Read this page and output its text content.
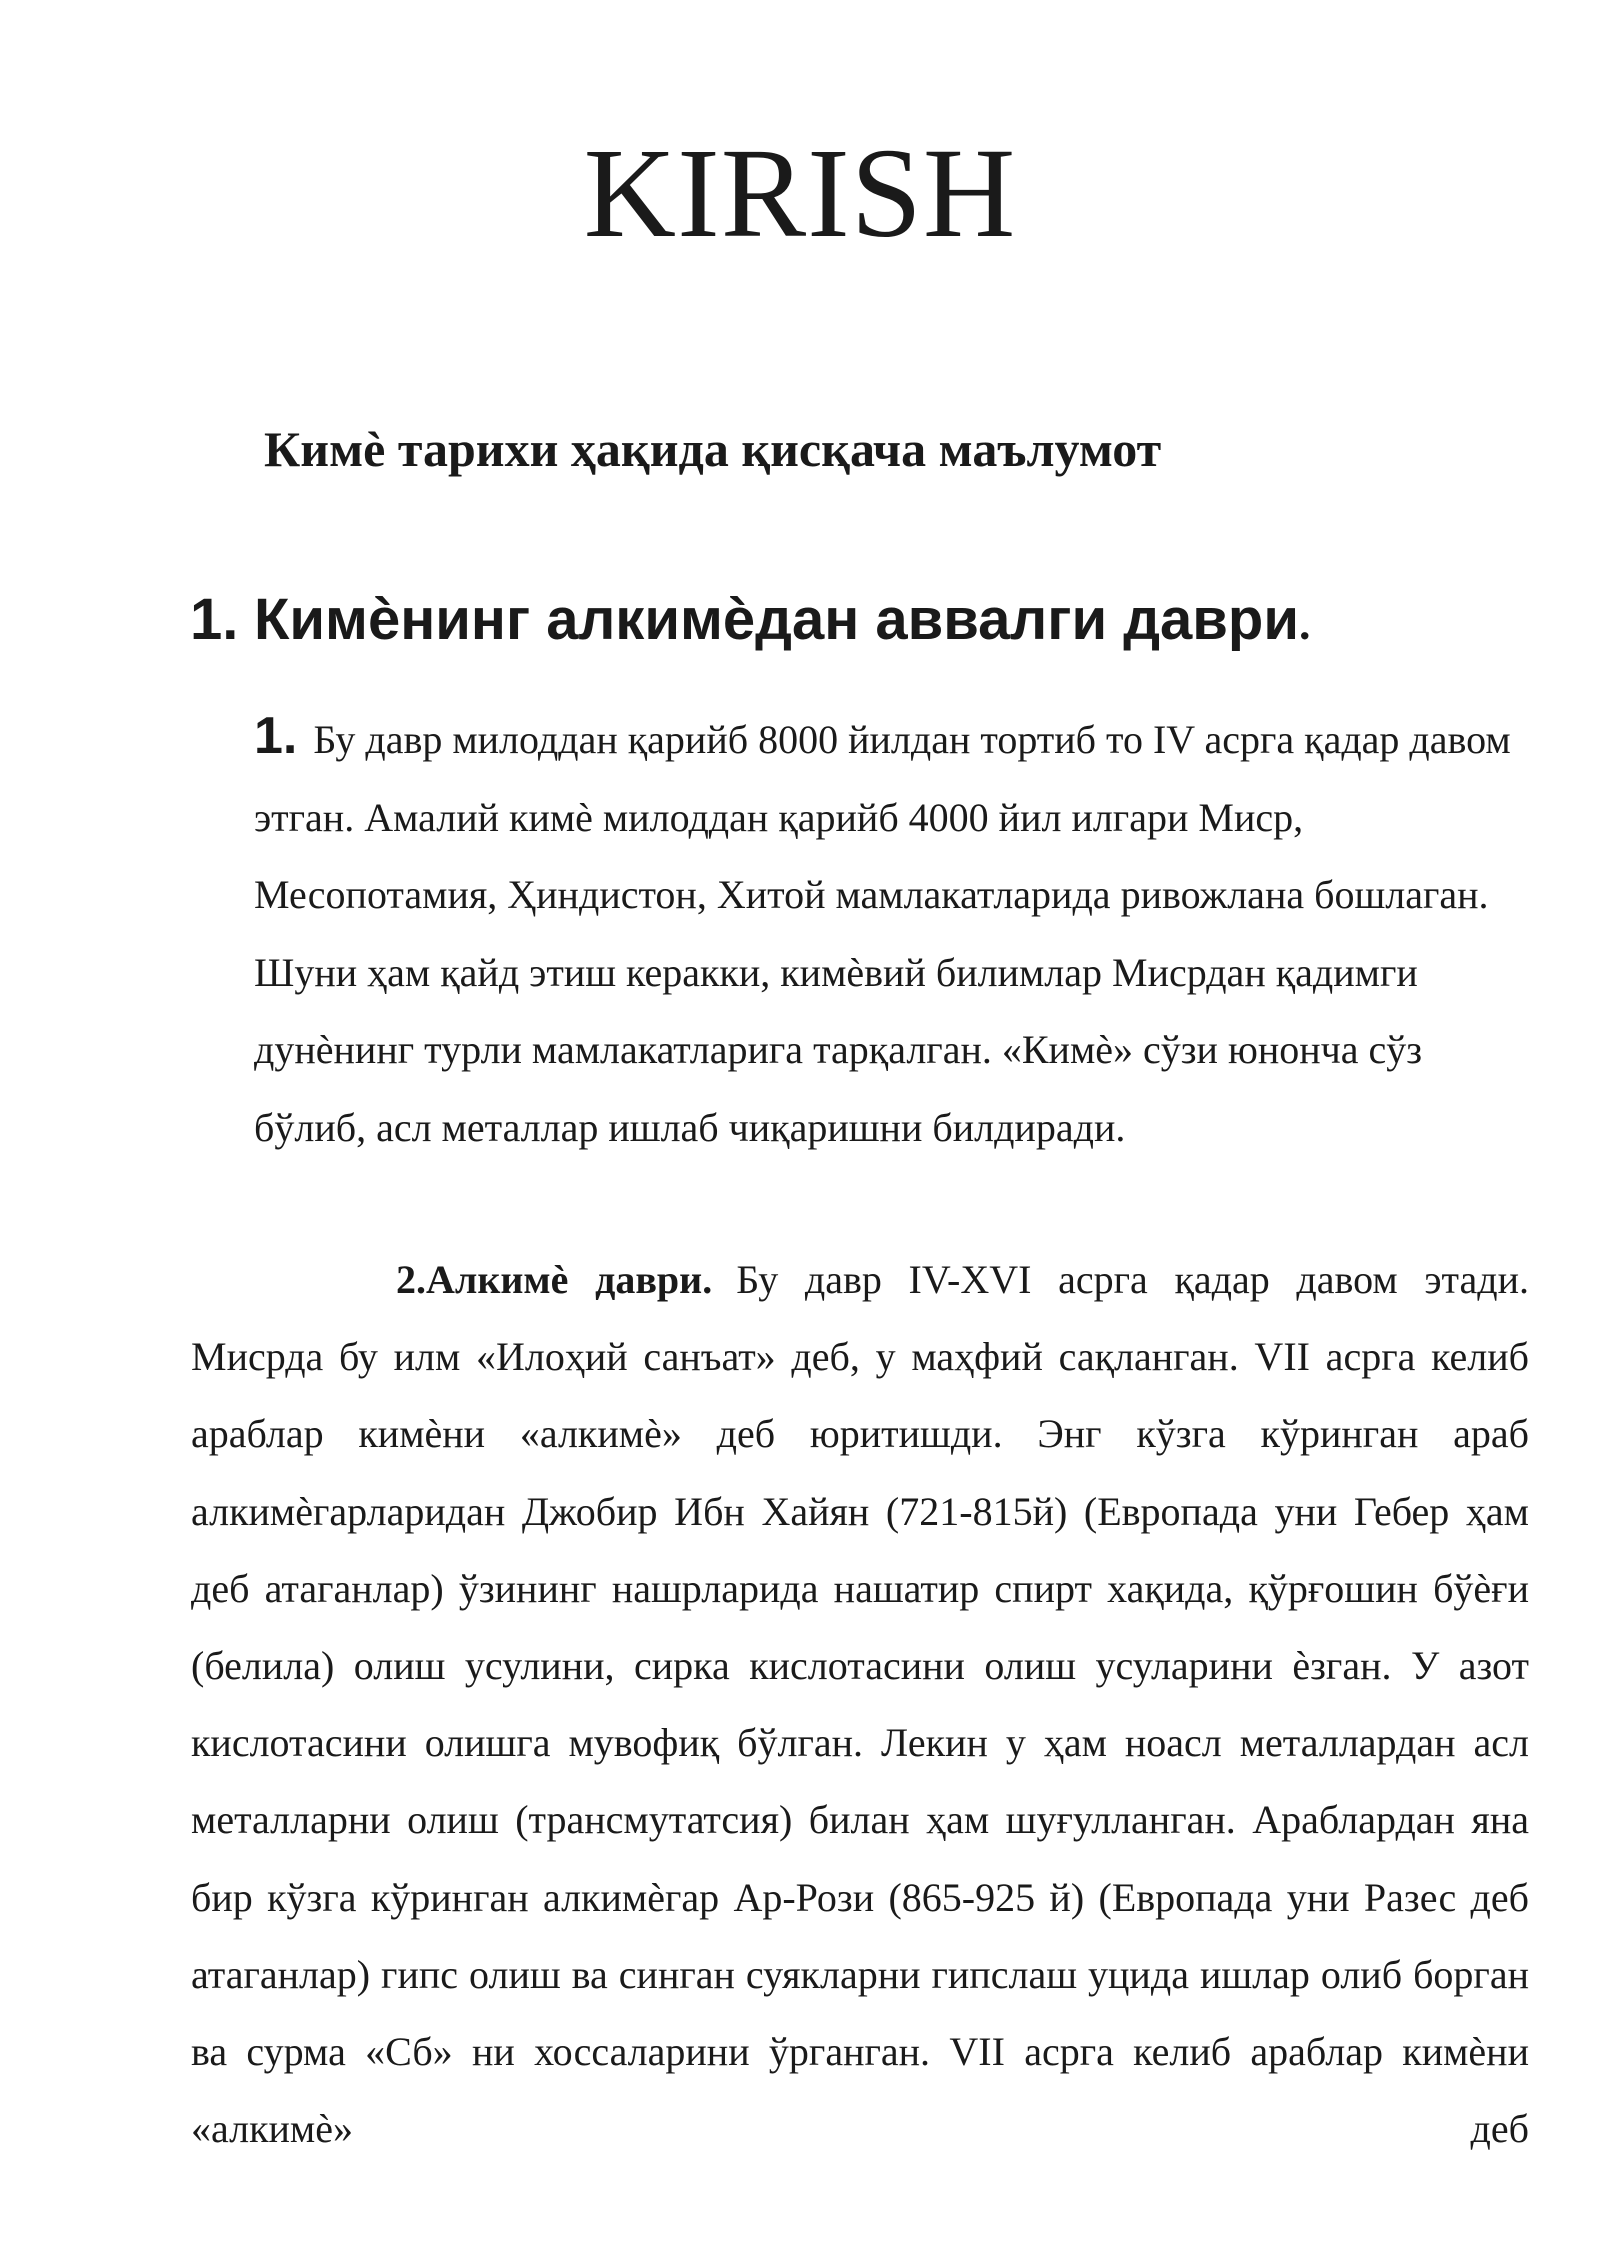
KIRISH
Кимѐ тарихи ҳақида қисқача маълумот
1. Кимѐнинг алкимѐдан аввалги даври.

1. Бу давр милоддан қарийб 8000 йилдан тортиб то IV асрга қадар давом этган. Амалий кимѐ милоддан қарийб 4000 йил илгари Миср, Месопотамия, Ҳиндистон, Хитой мамлакатларида ривожлана бошлаган. Шуни ҳам қайд этиш керакки, кимѐвий билимлар Мисрдан қадимги дунѐнинг турли мамлакатларига тарқалган. «Кимѐ» сўзи юнонча сўз бўлиб, асл металлар ишлаб чиқаришни билдиради.

2.Алкимѐ даври. Бу давр IV-XVI асрга қадар давом этади. Мисрда бу илм «Илоҳий санъат» деб, у маҳфий сақланган. VII асрга келиб араблар кимѐни «алкимѐ» деб юритишди. Энг кўзга кўринган араб алкимѐгарларидан Джобир Ибн Хайян (721-815й) (Европада уни Гебер ҳам деб атаганлар) ўзининг нашрларида нашатир спирт хақида, қўрғошин бўѐғи (белила) олиш усулини, сирка кислотасини олиш усуларини ѐзган. У азот кислотасини олишга мувофиқ бўлган. Лекин у ҳам ноасл металлардан асл металларни олиш (трансмутатсия) билан ҳам шуғулланган. Араблардан яна бир кўзга кўринган алкимѐгар Ар-Рози (865-925 й) (Европада уни Разес деб атаганлар) гипс олиш ва синган суякларни гипслаш уцида ишлар олиб борган ва сурма «Сб» ни хоссаларини ўрганган. VII асрга келиб араблар кимѐни «алкимѐ» деб
